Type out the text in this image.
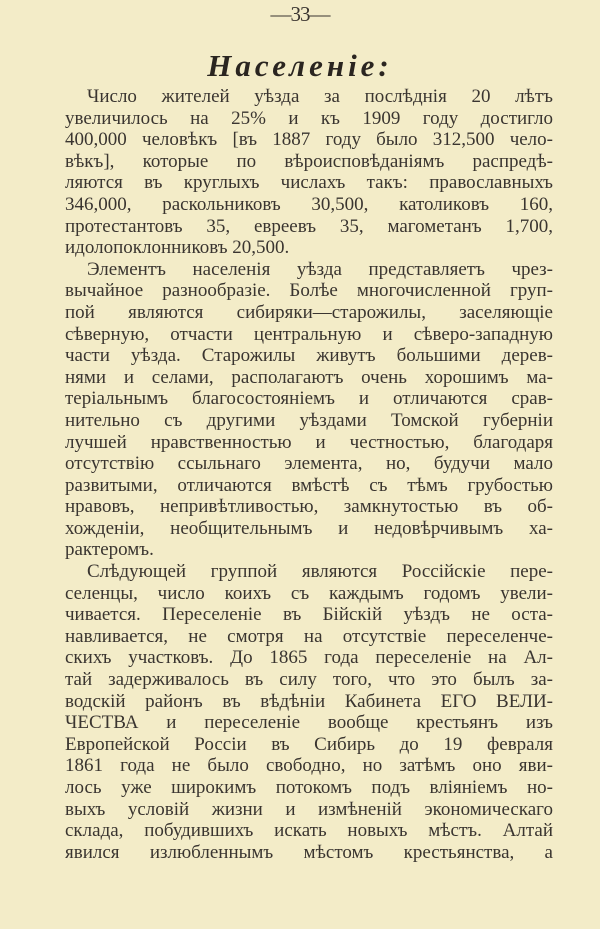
—33—
Населеніе:
Число жителей уѣзда за послѣднія 20 лѣтъ
увеличилось на 25% и къ 1909 году достигло
400,000 человѣкъ [въ 1887 году было 312,500 чело-
вѣкъ], которые по вѣроисповѣданіямъ распредѣ-
ляются въ круглыхъ числахъ такъ: православныхъ
346,000, раскольниковъ 30,500, католиковъ 160,
протестантовъ 35, евреевъ 35, магометанъ 1,700,
идолопоклонниковъ 20,500.
Элементъ населенія уѣзда представляетъ чрез-
вычайное разнообразіе. Болѣе многочисленной груп-
пой являются сибиряки—старожилы, заселяющіе
сѣверную, отчасти центральную и сѣверо-западную
части уѣзда. Старожилы живутъ большими дерев-
нями и селами, располагаютъ очень хорошимъ ма-
теріальнымъ благосостояніемъ и отличаются срав-
нительно съ другими уѣздами Томской губерніи
лучшей нравственностью и честностью, благодаря
отсутствію ссыльнаго элемента, но, будучи мало
развитыми, отличаются вмѣстѣ съ тѣмъ грубостью
нравовъ, непривѣтливостью, замкнутостью въ об-
хожденіи, необщительнымъ и недовѣрчивымъ ха-
рактеромъ.
Слѣдующей группой являются Россійскіе пере-
селенцы, число коихъ съ каждымъ годомъ увели-
чивается. Переселеніе въ Бійскій уѣздъ не оста-
навливается, не смотря на отсутствіе переселенче-
скихъ участковъ. До 1865 года переселеніе на Ал-
тай задерживалось въ силу того, что это былъ за-
водскій районъ въ вѣдѣніи Кабинета ЕГО ВЕЛИ-
ЧЕСТВА и переселеніе вообще крестьянъ изъ
Европейской Россіи въ Сибирь до 19 февраля
1861 года не было свободно, но затѣмъ оно яви-
лось уже широкимъ потокомъ подъ вліяніемъ но-
выхъ условій жизни и измѣненій экономическаго
склада, побудившихъ искать новыхъ мѣстъ. Алтай
явился излюбленнымъ мѣстомъ крестьянства, а
